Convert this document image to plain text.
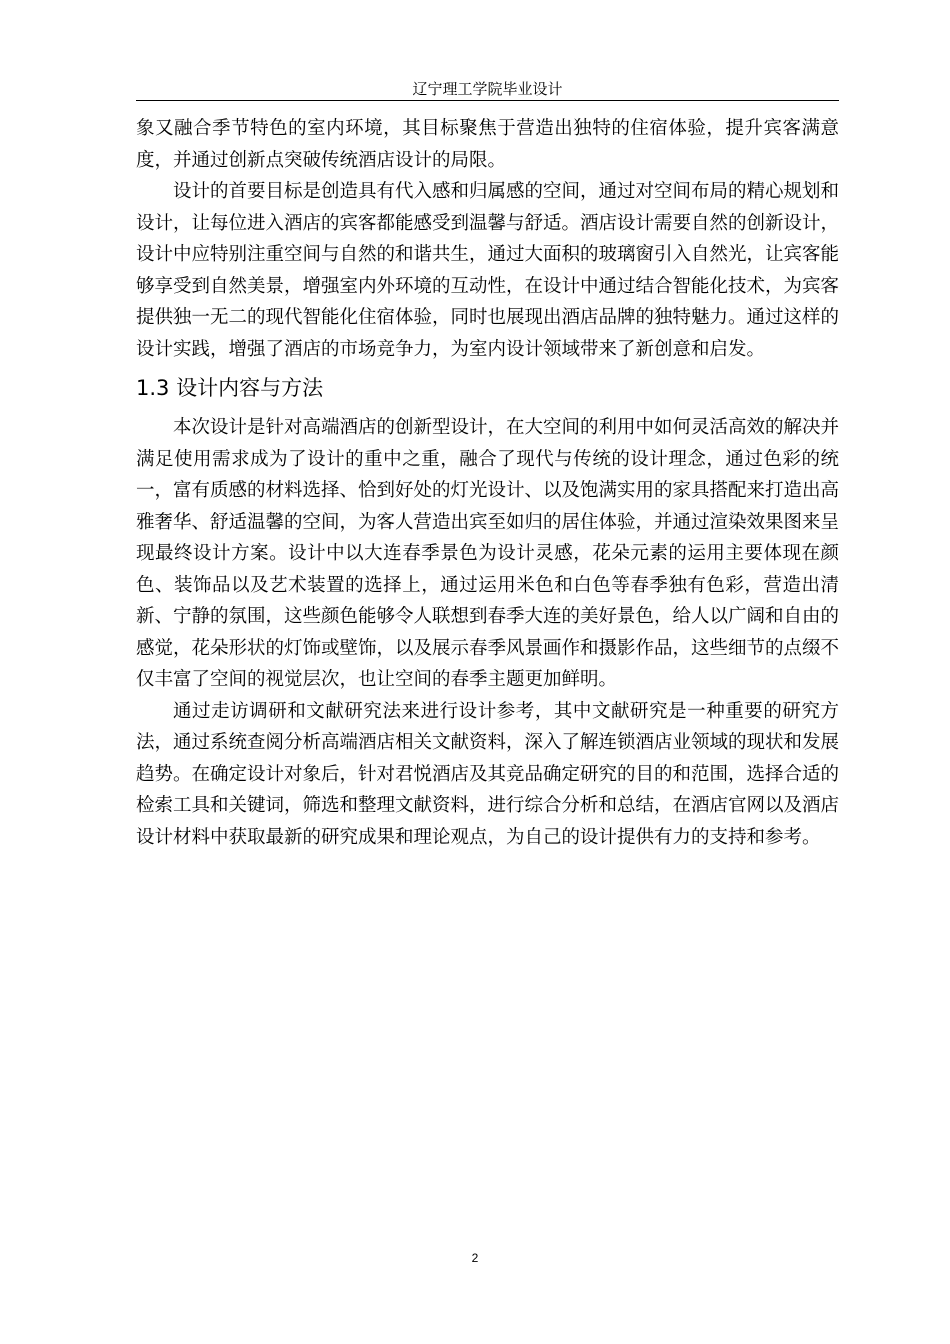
辽宁理工学院毕业设计

象又融合季节特色的室内环境，其目标聚焦于营造出独特的住宿体验，提升宾客满意度，并通过创新点突破传统酒店设计的局限。

设计的首要目标是创造具有代入感和归属感的空间，通过对空间布局的精心规划和设计，让每位进入酒店的宾客都能感受到温馨与舒适。酒店设计需要自然的创新设计，设计中应特别注重空间与自然的和谐共生，通过大面积的玻璃窗引入自然光，让宾客能够享受到自然美景，增强室内外环境的互动性，在设计中通过结合智能化技术，为宾客提供独一无二的现代智能化住宿体验，同时也展现出酒店品牌的独特魅力。通过这样的设计实践，增强了酒店的市场竞争力，为室内设计领域带来了新创意和启发。

1.3 设计内容与方法

本次设计是针对高端酒店的创新型设计，在大空间的利用中如何灵活高效的解决并满足使用需求成为了设计的重中之重，融合了现代与传统的设计理念，通过色彩的统一，富有质感的材料选择、恰到好处的灯光设计、以及饱满实用的家具搭配来打造出高雅奢华、舒适温馨的空间，为客人营造出宾至如归的居住体验，并通过渲染效果图来呈现最终设计方案。设计中以大连春季景色为设计灵感，花朵元素的运用主要体现在颜色、装饰品以及艺术装置的选择上，通过运用米色和白色等春季独有色彩，营造出清新、宁静的氛围，这些颜色能够令人联想到春季大连的美好景色，给人以广阔和自由的感觉，花朵形状的灯饰或壁饰，以及展示春季风景画作和摄影作品，这些细节的点缀不仅丰富了空间的视觉层次，也让空间的春季主题更加鲜明。

通过走访调研和文献研究法来进行设计参考，其中文献研究是一种重要的研究方法，通过系统查阅分析高端酒店相关文献资料，深入了解连锁酒店业领域的现状和发展趋势。在确定设计对象后，针对君悦酒店及其竞品确定研究的目的和范围，选择合适的检索工具和关键词，筛选和整理文献资料，进行综合分析和总结，在酒店官网以及酒店设计材料中获取最新的研究成果和理论观点，为自己的设计提供有力的支持和参考。

2
